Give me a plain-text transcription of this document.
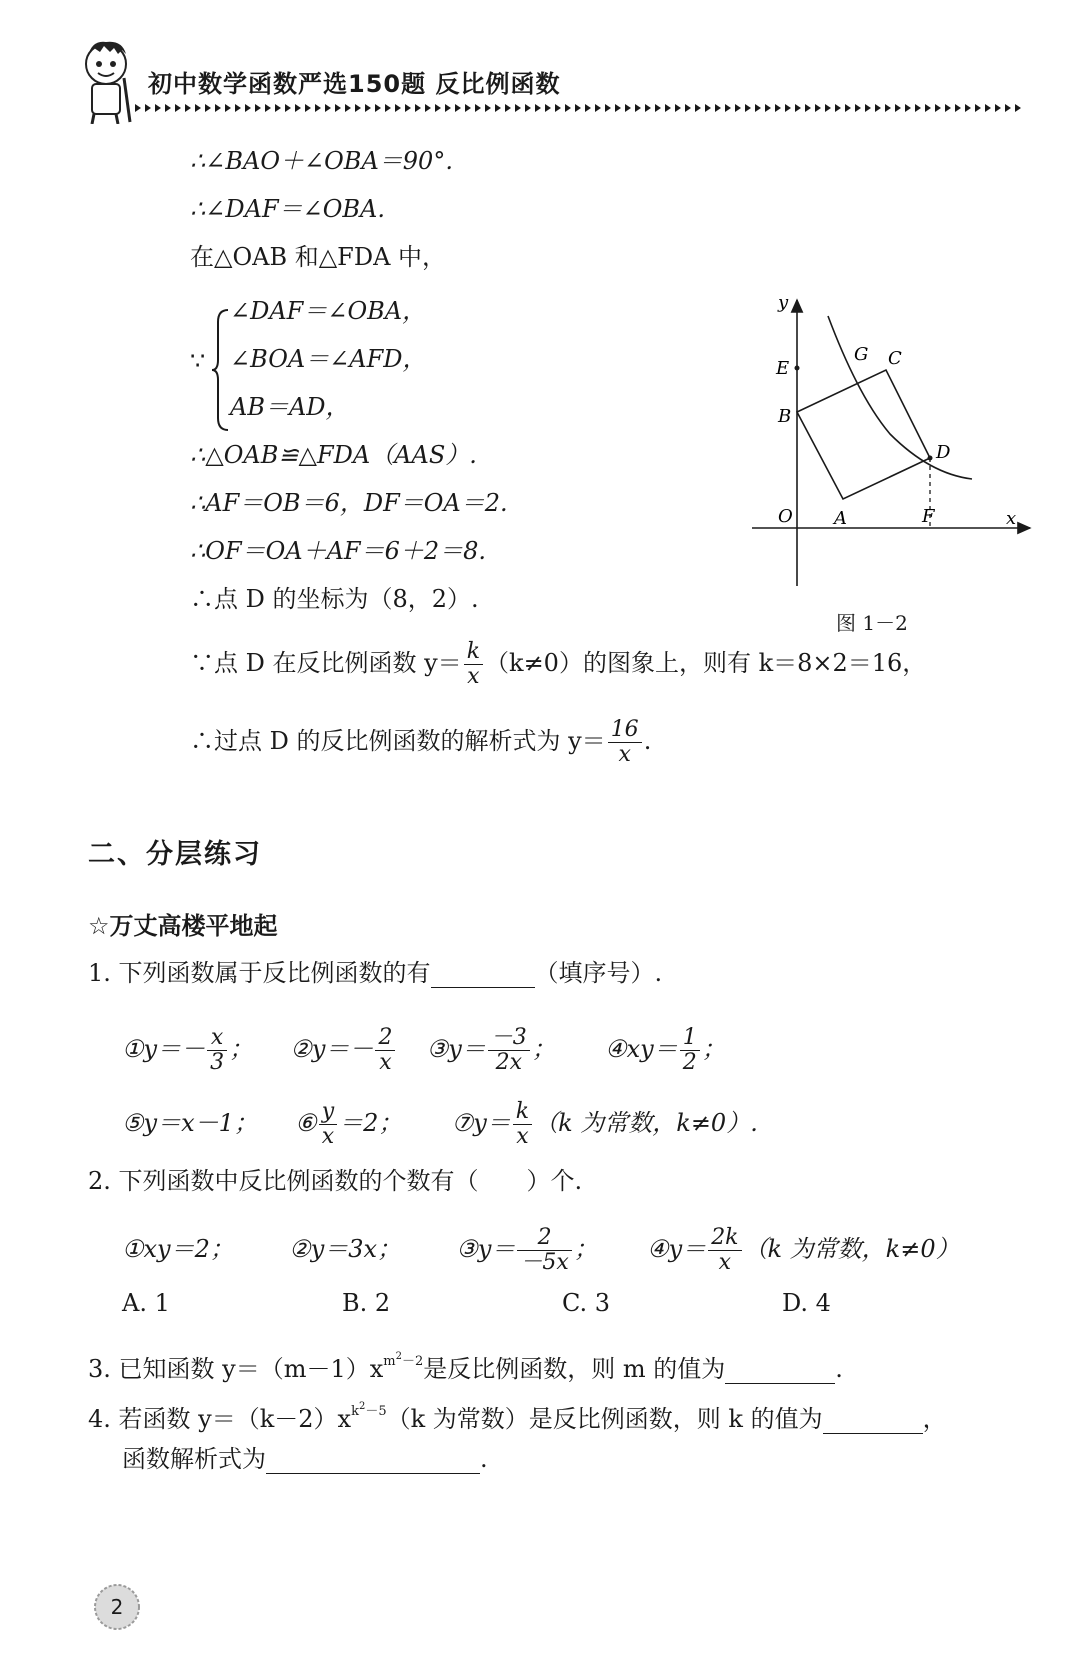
初中数学函数严选150题 反比例函数
∴∠BAO＋∠OBA＝90°.
∴∠DAF＝∠OBA.
在△OAB 和△FDA 中，
∵
∠DAF＝∠OBA，
∠BOA＝∠AFD，
AB＝AD，
∴△OAB≌△FDA（AAS）.
∴AF＝OB＝6，DF＝OA＝2.
∴OF＝OA＋AF＝6＋2＝8.
∴点 D 的坐标为（8，2）.
∵点 D 在反比例函数 $y= \frac{k}{x} (k\ne 0)$的图象上，则有 k＝8×2＝16，
∴过点 D 的反比例函数的解析式为 $y= \frac{16}{x}$ .
y
x
O A
B
C
D
E
F
G
图 1－2
二、分层练习
☆万丈高楼平地起
1. 下列函数属于反比例函数的有	（填序号）.
①y＝－ $\frac{x}{3}$ ； ②y＝－ $\frac{2}{x}$ ③y＝ $\frac{-3}{2x}$ ； ④xy＝ $\frac{1}{2}$ ；
⑤y＝x－1； ⑥ $\frac{y}{x} =2$； ⑦y＝ $\frac{k}{x} (k$ 为常数，k≠0）.
2. 下列函数中反比例函数的个数有（　　）个.
①xy＝2； ②y＝3x； ③y＝ $\frac{2}{-5x}$ ； ④y＝ $\frac{2k}{x} (k$ 为常数，k≠0）
A. 1	B. 2	C. 3	D. 4
3. 已知函数 $y=(m-1)x^{m^2-2}$是反比例函数，则 m 的值为	.
4. 若函数 $y=(k-2)x^{k^2-5}(k$ 为常数）是反比例函数，则 k 的值为	，
函数解析式为	.
2
